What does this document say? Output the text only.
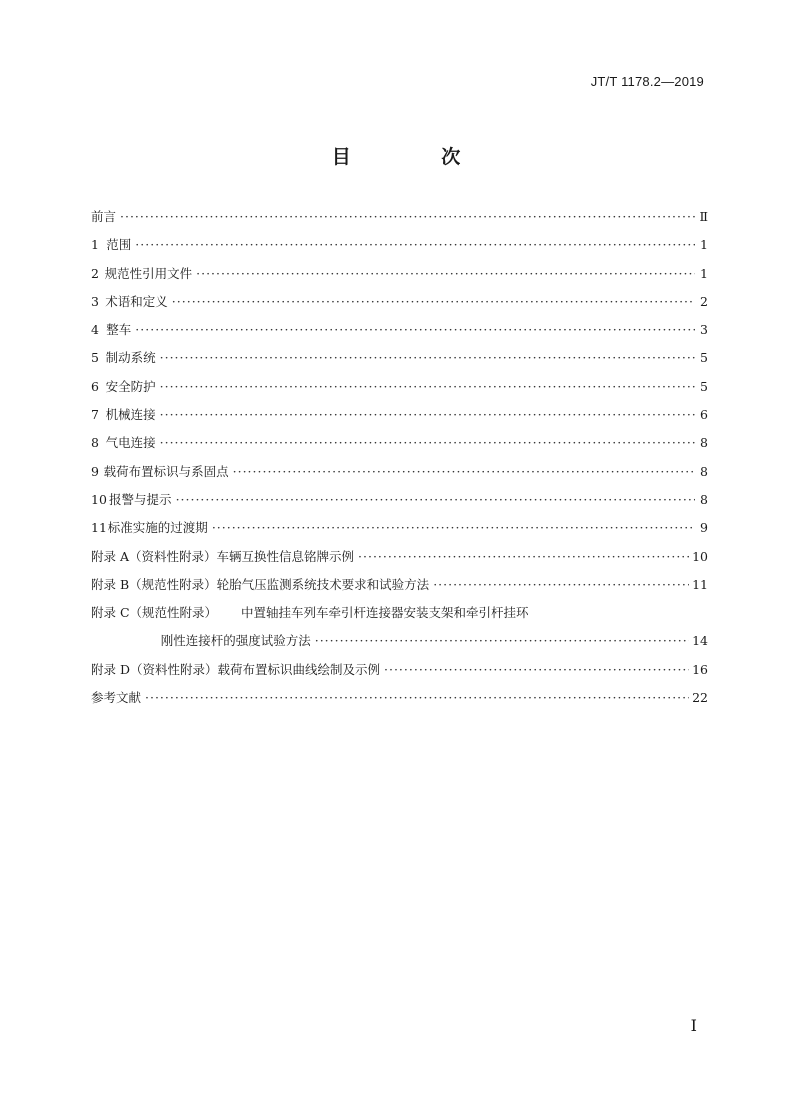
JT/T 1178.2—2019
目 次
前言 ·····	Ⅱ
1 范围 ·····	1
2 规范性引用文件 ·····	1
3 术语和定义 ·····	2
4 整车 ·····	3
5 制动系统 ·····	5
6 安全防护 ·····	5
7 机械连接 ·····	6
8 气电连接 ·····	8
9 载荷布置标识与系固点 ·····	8
10 报警与提示 ·····	8
11 标准实施的过渡期 ·····	9
附录 A（资料性附录） 车辆互换性信息铭牌示例 ·····	10
附录 B（规范性附录） 轮胎气压监测系统技术要求和试验方法 ·····	11
附录 C（规范性附录）	中置轴挂车列车牵引杆连接器安装支架和牵引杆挂环
刚性连接杆的强度试验方法 ·····	14
附录 D（资料性附录） 载荷布置标识曲线绘制及示例 ·····	16
参考文献 ·····	22
Ⅰ
